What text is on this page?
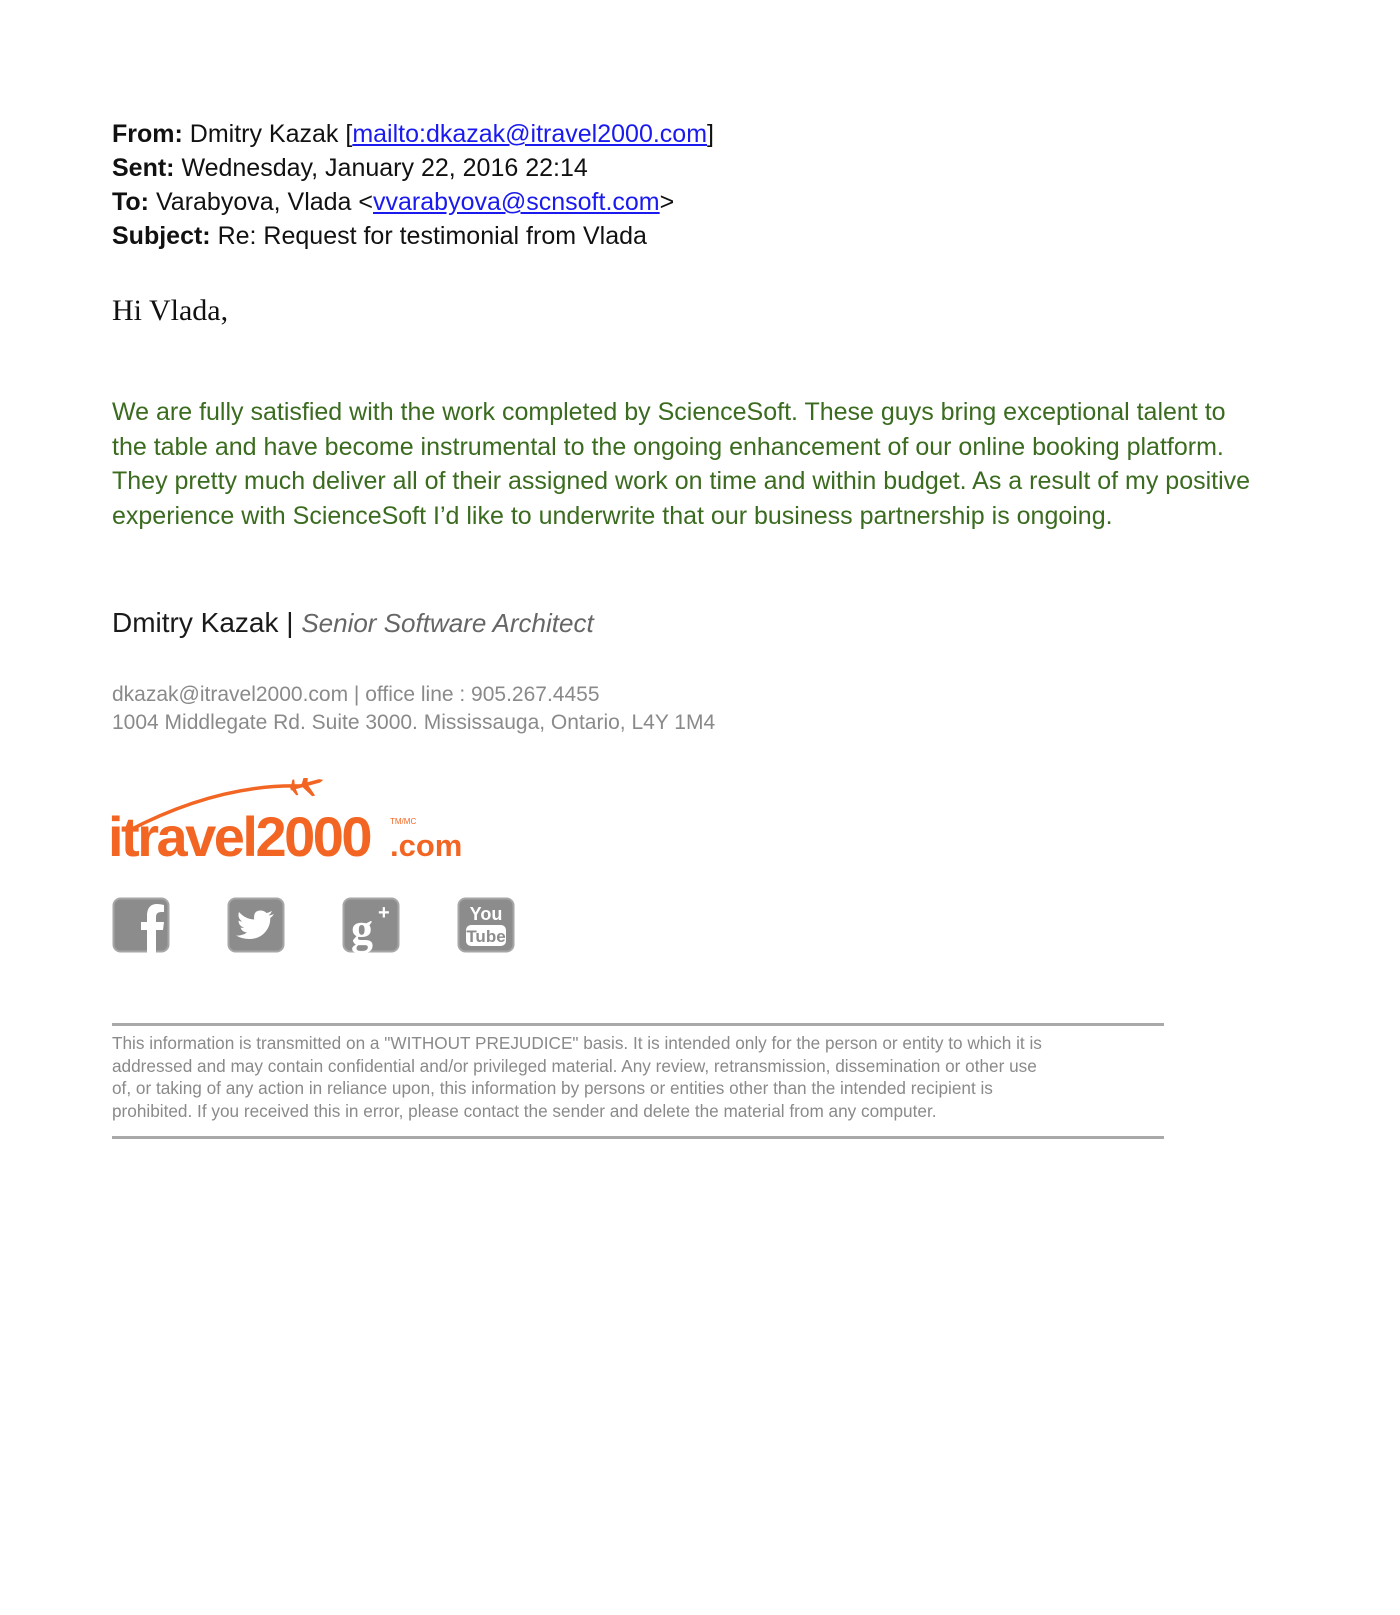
From: Dmitry Kazak [mailto:dkazak@itravel2000.com]
Sent: Wednesday, January 22, 2016 22:14
To: Varabyova, Vlada <vvarabyova@scnsoft.com>
Subject: Re: Request for testimonial from Vlada
Hi Vlada,
We are fully satisfied with the work completed by ScienceSoft. These guys bring exceptional talent to
the table and have become instrumental to the ongoing enhancement of our online booking platform.
They pretty much deliver all of their assigned work on time and within budget. As a result of my positive
experience with ScienceSoft I’d like to underwrite that our business partnership is ongoing.
Dmitry Kazak | Senior Software Architect
dkazak@itravel2000.com | office line : 905.267.4455
1004 Middlegate Rd. Suite 3000. Mississauga, Ontario, L4Y 1M4
itravel2000 .com
TM/MC
g +	You
Tube
This information is transmitted on a "WITHOUT PREJUDICE" basis. It is intended only for the person or entity to which it is
addressed and may contain confidential and/or privileged material. Any review, retransmission, dissemination or other use
of, or taking of any action in reliance upon, this information by persons or entities other than the intended recipient is
prohibited. If you received this in error, please contact the sender and delete the material from any computer.
